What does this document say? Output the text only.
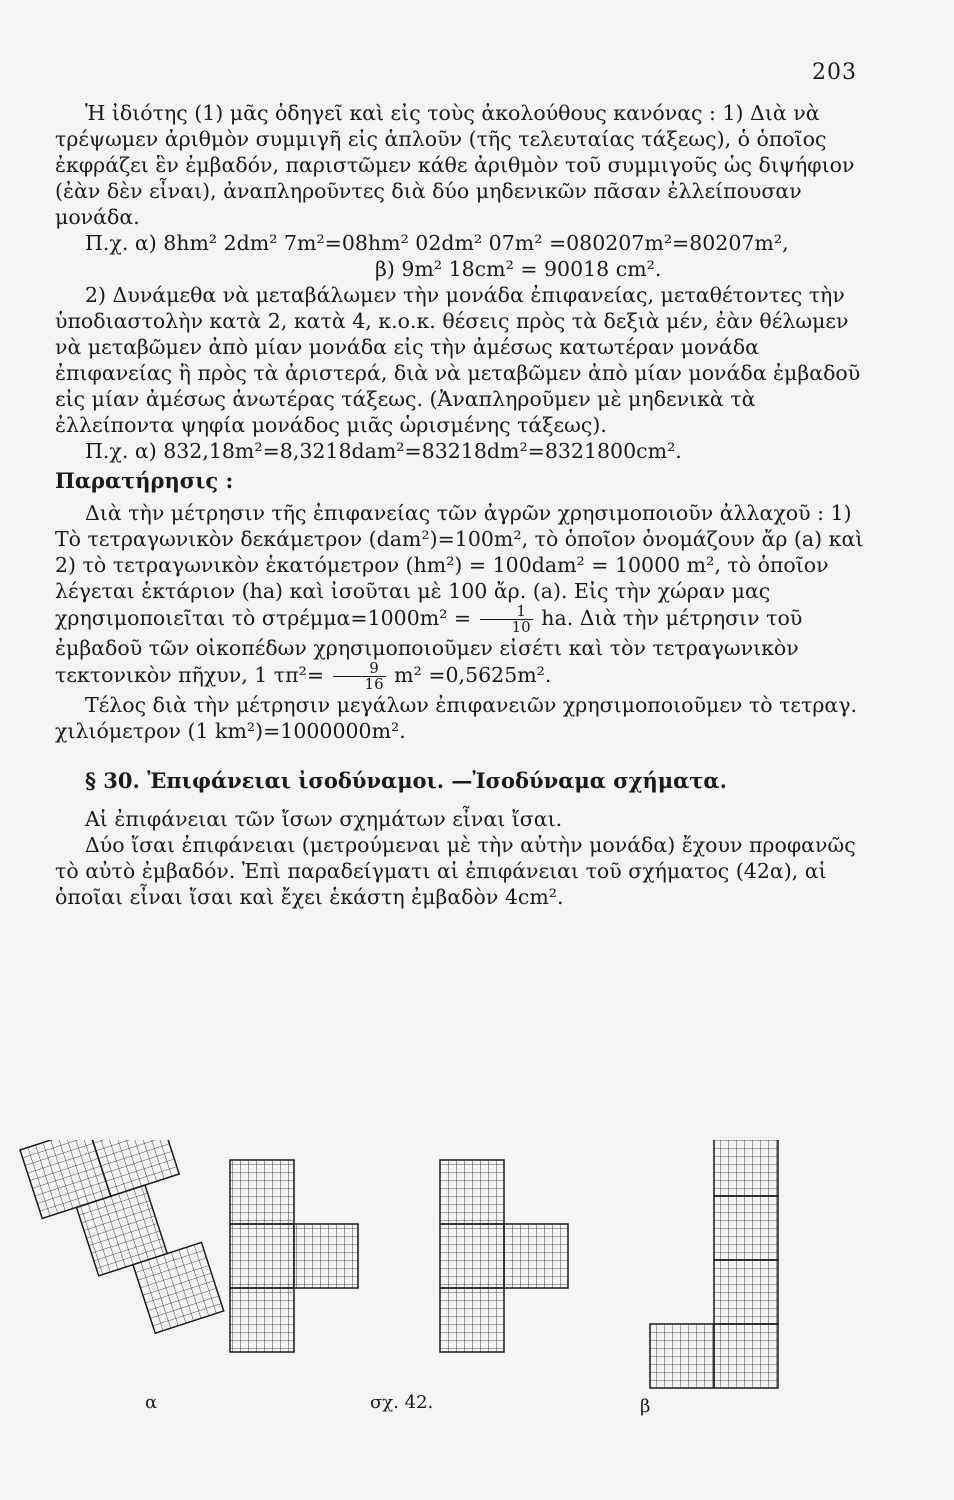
203

Ἡ ἰδιότης (1) μᾶς ὁδηγεῖ καὶ εἰς τοὺς ἀκολούθους κανόνας : 1) Διὰ νὰ τρέψωμεν ἀριθμὸν συμμιγῆ εἰς ἁπλοῦν (τῆς τελευταίας τάξεως), ὁ ὁποῖος ἐκφράζει ἓν ἐμβαδόν, παριστῶμεν κάθε ἀριθμὸν τοῦ συμμιγοῦς ὡς διψήφιον (ἐὰν δὲν εἶναι), ἀναπληροῦντες διὰ δύο μηδενικῶν πᾶσαν ἐλλείπουσαν μονάδα.

Π.χ. α) 8hm² 2dm² 7m²=08hm² 02dm² 07m² =080207m²=80207m²,

β) 9m² 18cm² = 90018 cm².

2) Δυνάμεθα νὰ μεταβάλωμεν τὴν μονάδα ἐπιφανείας, μεταθέτοντες τὴν ὑποδιαστολὴν κατὰ 2, κατὰ 4, κ.ο.κ. θέσεις πρὸς τὰ δεξιὰ μέν, ἐὰν θέλωμεν νὰ μεταβῶμεν ἀπὸ μίαν μονάδα εἰς τὴν ἀμέσως κατωτέραν μονάδα ἐπιφανείας ἢ πρὸς τὰ ἀριστερά, διὰ νὰ μεταβῶμεν ἀπὸ μίαν μονάδα ἐμβαδοῦ εἰς μίαν ἀμέσως ἀνωτέρας τάξεως. (Ἀναπληροῦμεν μὲ μηδενικὰ τὰ ἐλλείποντα ψηφία μονάδος μιᾶς ὡρισμένης τάξεως).

Π.χ. α) 832,18m²=8,3218dam²=83218dm²=8321800cm².

Παρατήρησις :

Διὰ τὴν μέτρησιν τῆς ἐπιφανείας τῶν ἀγρῶν χρησιμοποιοῦν ἀλλαχοῦ : 1) Τὸ τετραγωνικὸν δεκάμετρον (dam²)=100m², τὸ ὁποῖον ὀνομάζουν ἄρ (a) καὶ 2) τὸ τετραγωνικὸν ἑκατόμετρον (hm²) = 100dam² = 10000 m², τὸ ὁποῖον λέγεται ἑκτάριον (ha) καὶ ἰσοῦται μὲ 100 ἄρ. (a). Εἰς τὴν χώραν μας χρησιμοποιεῖται τὸ $\sigma\tau\rho έ\mu\mu\alpha=1000m^2 = \frac{1}{10}$ ha. Διὰ τὴν μέτρησιν τοῦ ἐμβαδοῦ τῶν οἰκοπέδων χρησιμοποιοῦμεν εἰσέτι καὶ τὸν τετραγωνικὸν τεκτονικὸν πῆχυν, 1 $\tau\pi^2= \frac{9}{16} m^2 =0,5625m^2$.

Τέλος διὰ τὴν μέτρησιν μεγάλων ἐπιφανειῶν χρησιμοποιοῦμεν τὸ τετραγ. χιλιόμετρον (1 km²)=1000000m².

§ 30. Ἐπιφάνειαι ἰσοδύναμοι. —Ἰσοδύναμα σχήματα.

Αἱ ἐπιφάνειαι τῶν ἴσων σχημάτων εἶναι ἴσαι.

Δύο ἴσαι ἐπιφάνειαι (μετρούμεναι μὲ τὴν αὐτὴν μονάδα) ἔχουν προφανῶς τὸ αὐτὸ ἐμβαδόν. Ἐπὶ παραδείγματι αἱ ἐπιφάνειαι τοῦ σχήματος (42α), αἱ ὁποῖαι εἶναι ἴσαι καὶ ἔχει ἑκάστη ἐμβαδὸν 4cm².

α	σχ. 42.	β
